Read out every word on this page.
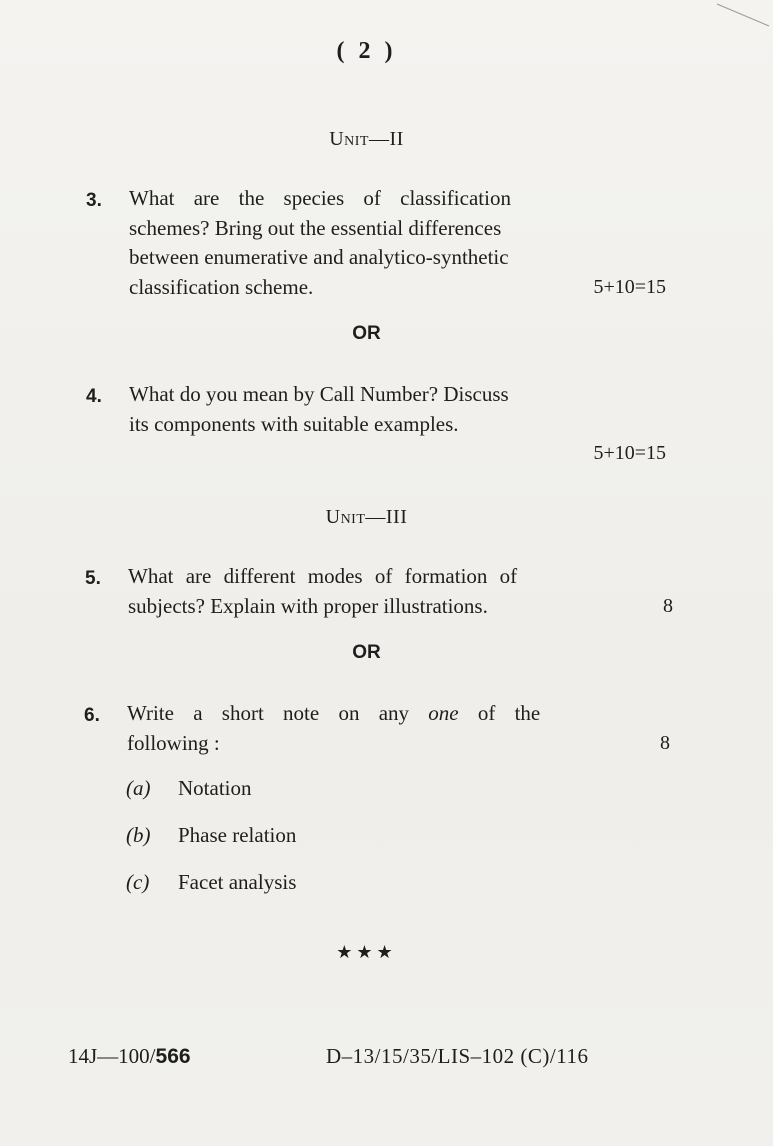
( 2 )
Unit—II
3. What are the species of classification
schemes? Bring out the essential differences
between enumerative and analytico-synthetic
classification scheme.	5+10=15
OR
4. What do you mean by Call Number? Discuss
its components with suitable examples.
5+10=15
Unit—III
5. What are different modes of formation of
subjects? Explain with proper illustrations.	8
OR
6. Write a short note on any one of the
following :	8
(a) Notation
(b) Phase relation
(c) Facet analysis
★★★
14J—100/566	D–13/15/35/LIS–102 (C)/116
